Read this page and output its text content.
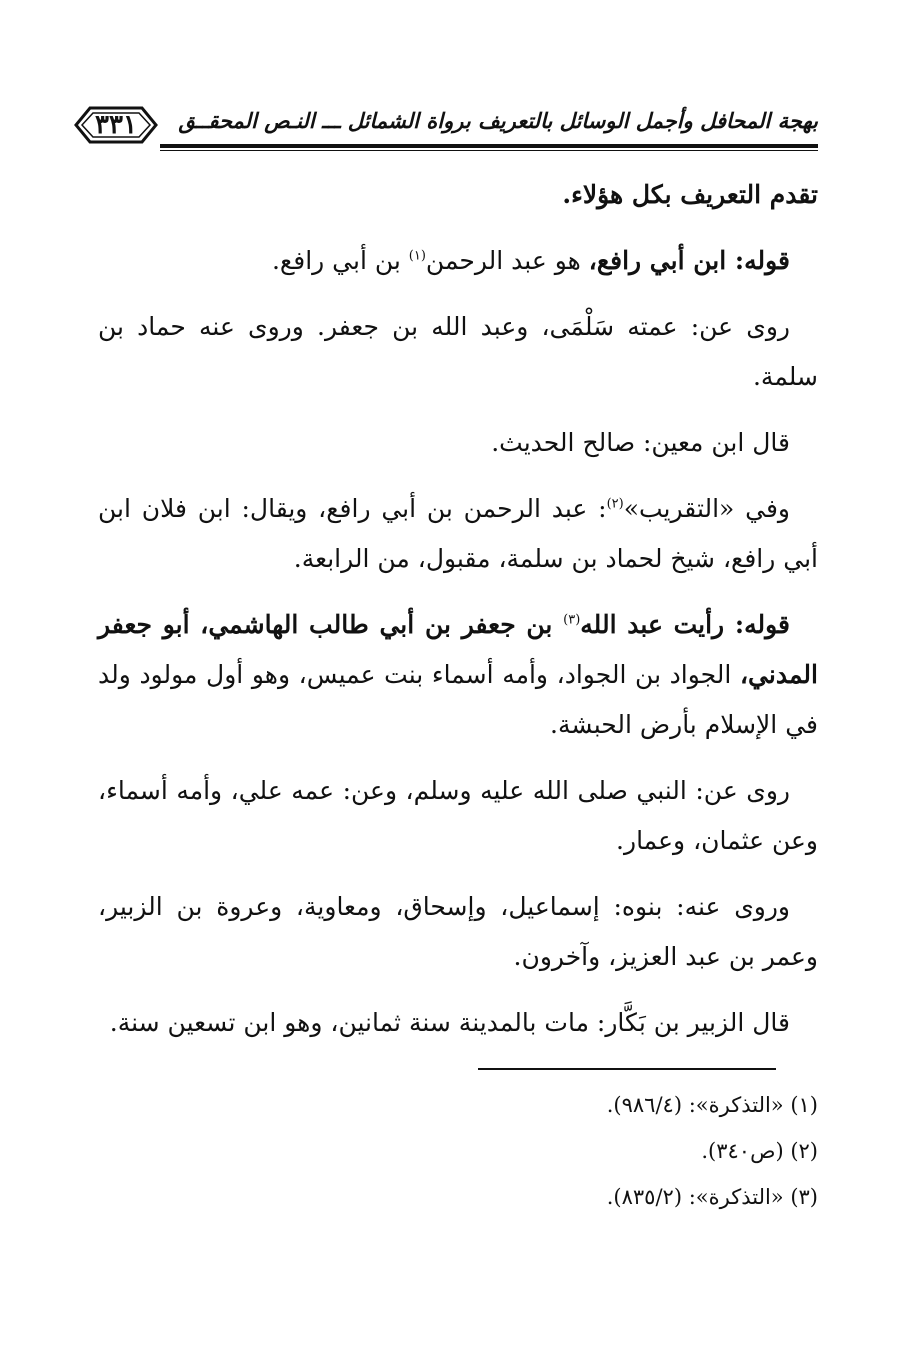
٣٣١	بهجة المحافل وأجمل الوسائل بالتعريف برواة الشمائل ـــ النـص المحقــق

تقدم التعريف بكل هؤلاء.

قوله: ابن أبي رافع، هو عبد الرحمن$^{(١)}$ بن أبي رافع.

روى عن: عمته سَلْمَى، وعبد الله بن جعفر. وروى عنه حماد بن سلمة.

قال ابن معين: صالح الحديث.

وفي «التقريب»$^{(٢)}$: عبد الرحمن بن أبي رافع، ويقال: ابن فلان ابن أبي رافع، شيخ لحماد بن سلمة، مقبول، من الرابعة.

قوله: رأيت عبد الله$^{(٣)}$ بن جعفر بن أبي طالب الهاشمي، أبو جعفر المدني، الجواد بن الجواد، وأمه أسماء بنت عميس، وهو أول مولود ولد في الإسلام بأرض الحبشة.

روى عن: النبي صلى الله عليه وسلم، وعن: عمه علي، وأمه أسماء، وعن عثمان، وعمار.

وروى عنه: بنوه: إسماعيل، وإسحاق، ومعاوية، وعروة بن الزبير، وعمر بن عبد العزيز، وآخرون.

قال الزبير بن بَكَّار: مات بالمدينة سنة ثمانين، وهو ابن تسعين سنة.

(١) «التذكرة»: (٩٨٦/٤).

(٢) (ص٣٤٠).

(٣) «التذكرة»: (٨٣٥/٢).
